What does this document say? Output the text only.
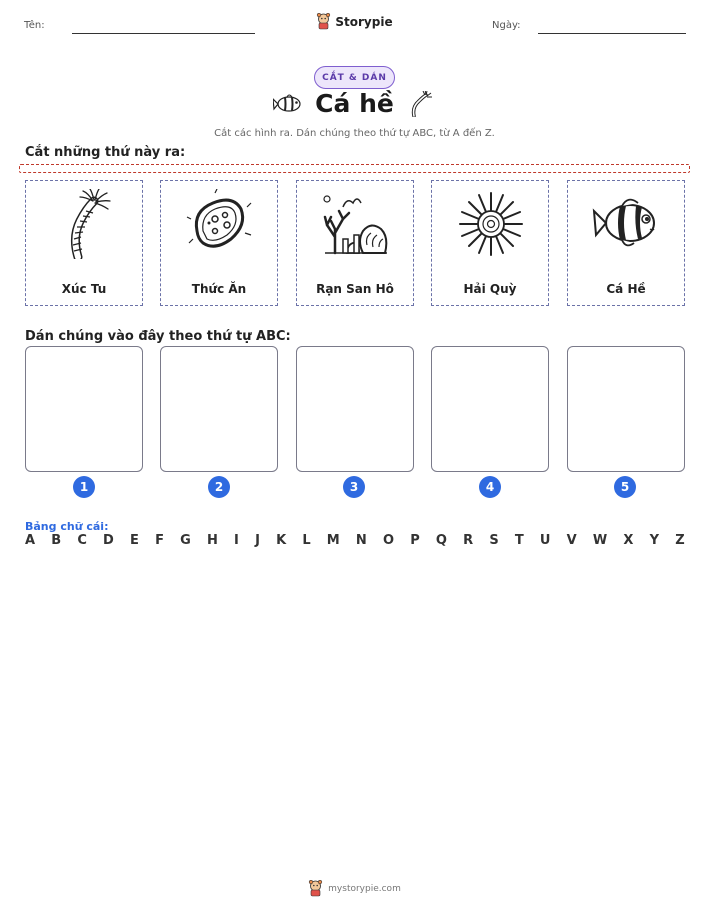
Tên:	Storypie	Ngày:
CẮT & DÁN
Cá hề
Cắt các hình ra. Dán chúng theo thứ tự ABC, từ A đến Z.
Cắt những thứ này ra:
Xúc Tu	Thức Ăn	Rạn San Hô	Hải Quỳ	Cá Hề
Dán chúng vào đây theo thứ tự ABC:
1	2	3	4	5
Bảng chữ cái:
A B C D E F G H I J K L M N O P Q R S T U V W X Y Z
mystorypie.com
